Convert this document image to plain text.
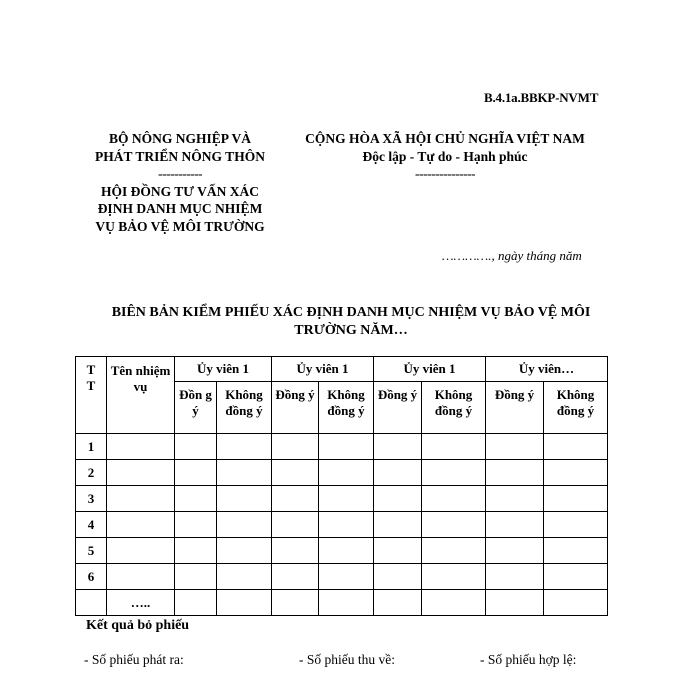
B.4.1a.BBKP-NVMT
BỘ NÔNG NGHIỆP VÀ
PHÁT TRIỂN NÔNG THÔN
-----------
HỘI ĐỒNG TƯ VẤN XÁC
ĐỊNH DANH MỤC NHIỆM
VỤ BẢO VỆ MÔI TRƯỜNG
CỘNG HÒA XÃ HỘI CHỦ NGHĨA VIỆT NAM
Độc lập - Tự do - Hạnh phúc
---------------
…………., ngày tháng năm
BIÊN BẢN KIỂM PHIẾU XÁC ĐỊNH DANH MỤC NHIỆM VỤ BẢO VỆ MÔI
TRƯỜNG NĂM…
T
T	Tên nhiệm vụ	Ủy viên 1		Ủy viên 1		Ủy viên 1		Ủy viên…	
		Đồn g ý	Không đồng ý	Đồng ý	Không đồng ý	Đồng ý	Không đồng ý	Đồng ý	Không đồng ý
1									
2									
3									
4									
5									
6									
	…..								
Kết quả bỏ phiếu
- Số phiếu phát ra:	- Số phiếu thu về:	- Số phiếu hợp lệ:
